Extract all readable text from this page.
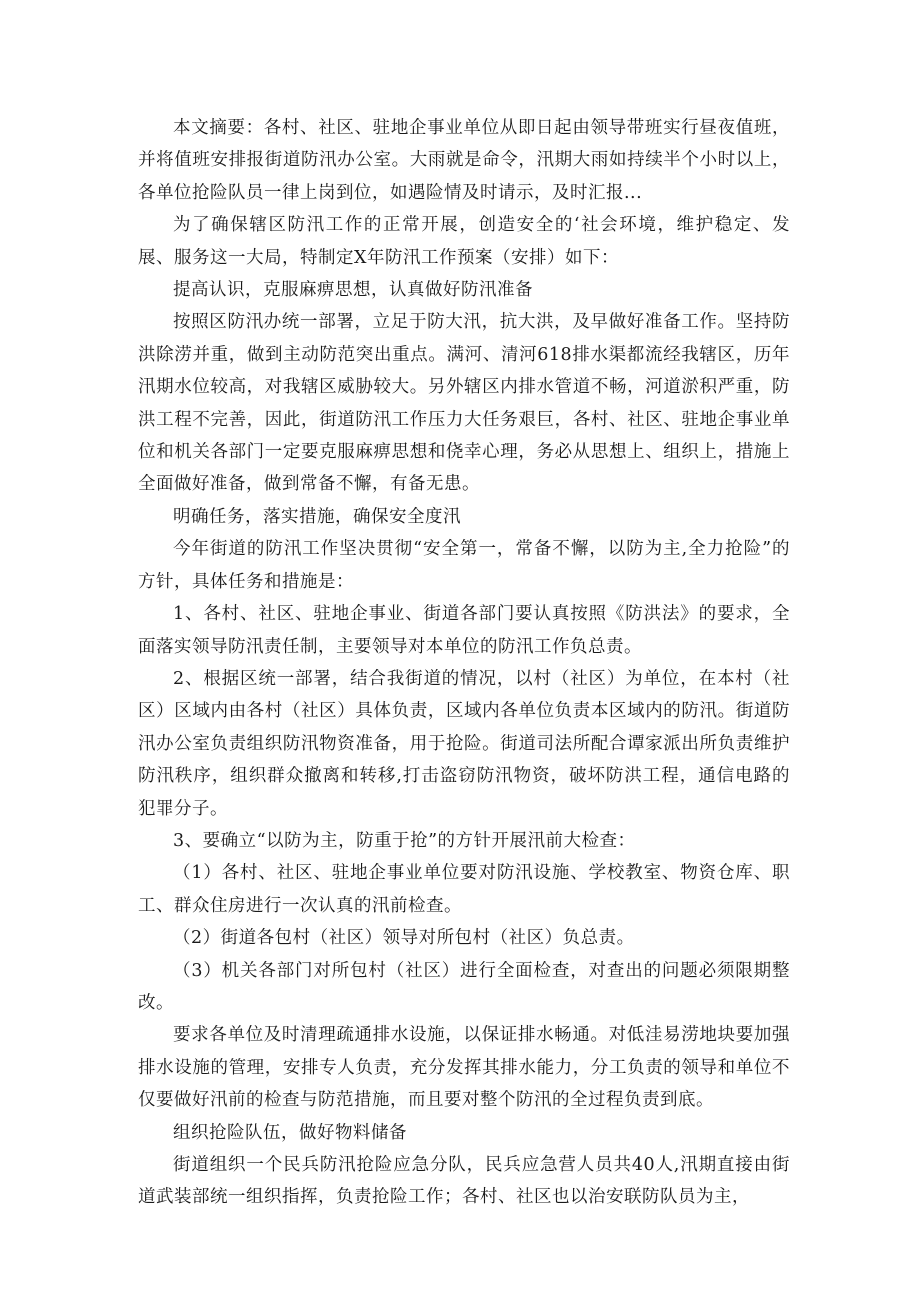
本文摘要：各村、社区、驻地企事业单位从即日起由领导带班实行昼夜值班，并将值班安排报街道防汛办公室。大雨就是命令，汛期大雨如持续半个小时以上，各单位抢险队员一律上岗到位，如遇险情及时请示，及时汇报...

为了确保辖区防汛工作的正常开展，创造安全的‘社会环境，维护稳定、发展、服务这一大局，特制定X年防汛工作预案（安排）如下：

提高认识，克服麻痹思想，认真做好防汛准备

按照区防汛办统一部署，立足于防大汛，抗大洪，及早做好准备工作。坚持防洪除涝并重，做到主动防范突出重点。满河、清河618排水渠都流经我辖区，历年汛期水位较高，对我辖区威胁较大。另外辖区内排水管道不畅，河道淤积严重，防洪工程不完善，因此，街道防汛工作压力大任务艰巨，各村、社区、驻地企事业单位和机关各部门一定要克服麻痹思想和侥幸心理，务必从思想上、组织上，措施上全面做好准备，做到常备不懈，有备无患。

明确任务，落实措施，确保安全度汛

今年街道的防汛工作坚决贯彻“安全第一，常备不懈，以防为主,全力抢险”的方针，具体任务和措施是：

1、各村、社区、驻地企事业、街道各部门要认真按照《防洪法》的要求，全面落实领导防汛责任制，主要领导对本单位的防汛工作负总责。

2、根据区统一部署，结合我街道的情况，以村（社区）为单位，在本村（社区）区域内由各村（社区）具体负责，区域内各单位负责本区域内的防汛。街道防汛办公室负责组织防汛物资准备，用于抢险。街道司法所配合谭家派出所负责维护防汛秩序，组织群众撤离和转移,打击盗窃防汛物资，破坏防洪工程，通信电路的犯罪分子。

3、要确立“以防为主，防重于抢”的方针开展汛前大检查：

（1）各村、社区、驻地企事业单位要对防汛设施、学校教室、物资仓库、职工、群众住房进行一次认真的汛前检查。

（2）街道各包村（社区）领导对所包村（社区）负总责。

（3）机关各部门对所包村（社区）进行全面检查，对查出的问题必须限期整改。

要求各单位及时清理疏通排水设施，以保证排水畅通。对低洼易涝地块要加强排水设施的管理，安排专人负责，充分发挥其排水能力，分工负责的领导和单位不仅要做好汛前的检查与防范措施，而且要对整个防汛的全过程负责到底。

组织抢险队伍，做好物料储备

街道组织一个民兵防汛抢险应急分队，民兵应急营人员共40人,汛期直接由街道武装部统一组织指挥，负责抢险工作；各村、社区也以治安联防队员为主，
